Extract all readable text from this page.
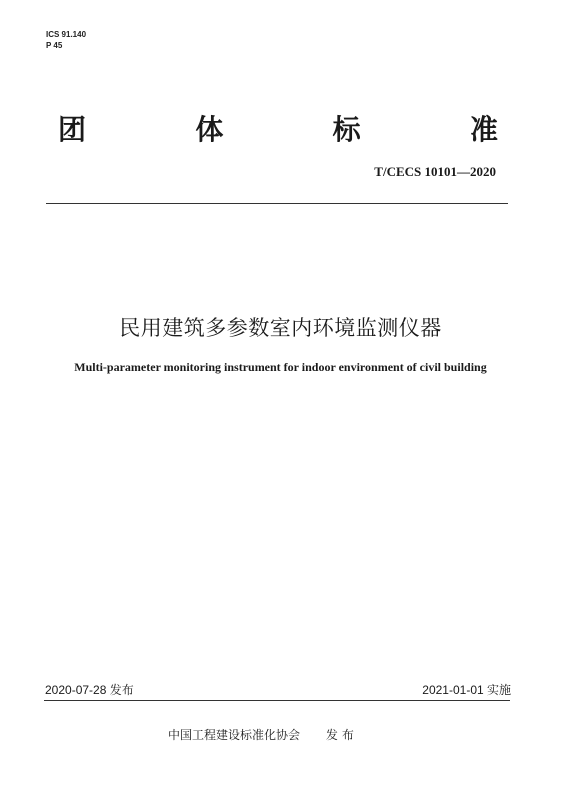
ICS 91.140
P 45
团	体	标	准
T/CECS 10101—2020
民用建筑多参数室内环境监测仪器
Multi-parameter monitoring instrument for indoor environment of civil building
2020-07-28 发布	2021-01-01 实施
中国工程建设标准化协会 发布
